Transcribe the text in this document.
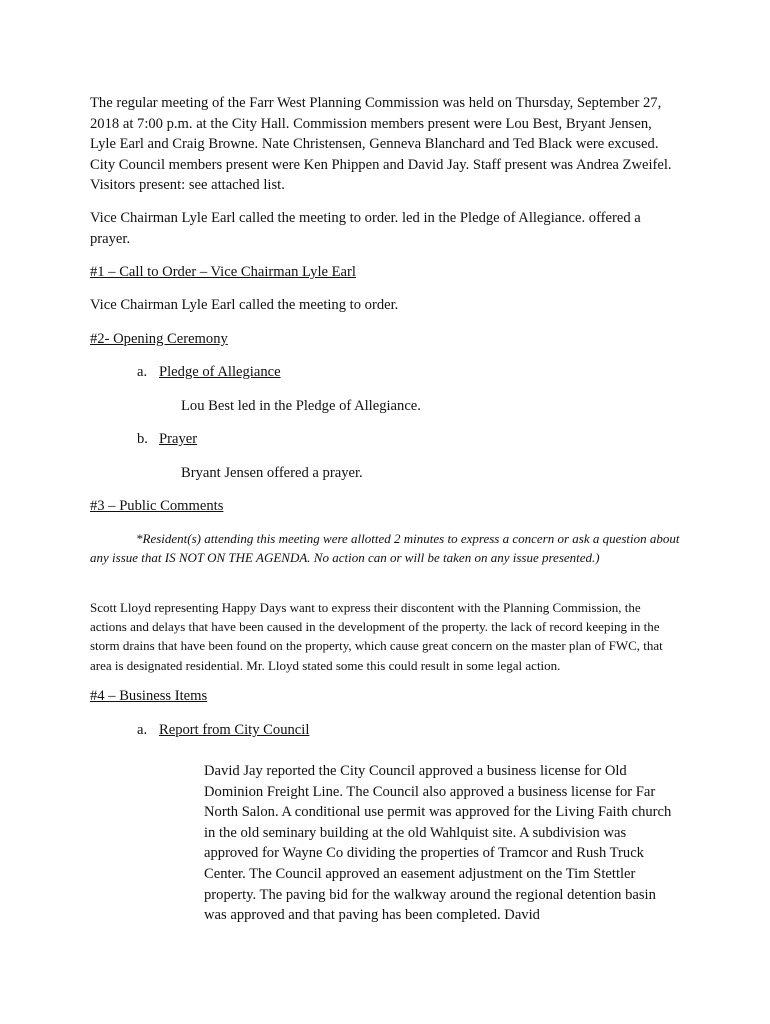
The regular meeting of the Farr West Planning Commission was held on Thursday, September 27, 2018 at 7:00 p.m. at the City Hall. Commission members present were Lou Best, Bryant Jensen, Lyle Earl and Craig Browne. Nate Christensen, Genneva Blanchard and Ted Black were excused. City Council members present were Ken Phippen and David Jay. Staff present was Andrea Zweifel. Visitors present: see attached list.

Vice Chairman Lyle Earl called the meeting to order. led in the Pledge of Allegiance. offered a prayer.

#1 – Call to Order – Vice Chairman Lyle Earl

Vice Chairman Lyle Earl called the meeting to order.

#2- Opening Ceremony

a. Pledge of Allegiance

Lou Best led in the Pledge of Allegiance.

b. Prayer

Bryant Jensen offered a prayer.

#3 – Public Comments

*Resident(s) attending this meeting were allotted 2 minutes to express a concern or ask a question about any issue that IS NOT ON THE AGENDA. No action can or will be taken on any issue presented.)

Scott Lloyd representing Happy Days want to express their discontent with the Planning Commission, the actions and delays that have been caused in the development of the property. the lack of record keeping in the storm drains that have been found on the property, which cause great concern on the master plan of FWC, that area is designated residential. Mr. Lloyd stated some this could result in some legal action.

#4 – Business Items

a. Report from City Council

David Jay reported the City Council approved a business license for Old Dominion Freight Line. The Council also approved a business license for Far North Salon. A conditional use permit was approved for the Living Faith church in the old seminary building at the old Wahlquist site. A subdivision was approved for Wayne Co dividing the properties of Tramcor and Rush Truck Center. The Council approved an easement adjustment on the Tim Stettler property. The paving bid for the walkway around the regional detention basin was approved and that paving has been completed. David
